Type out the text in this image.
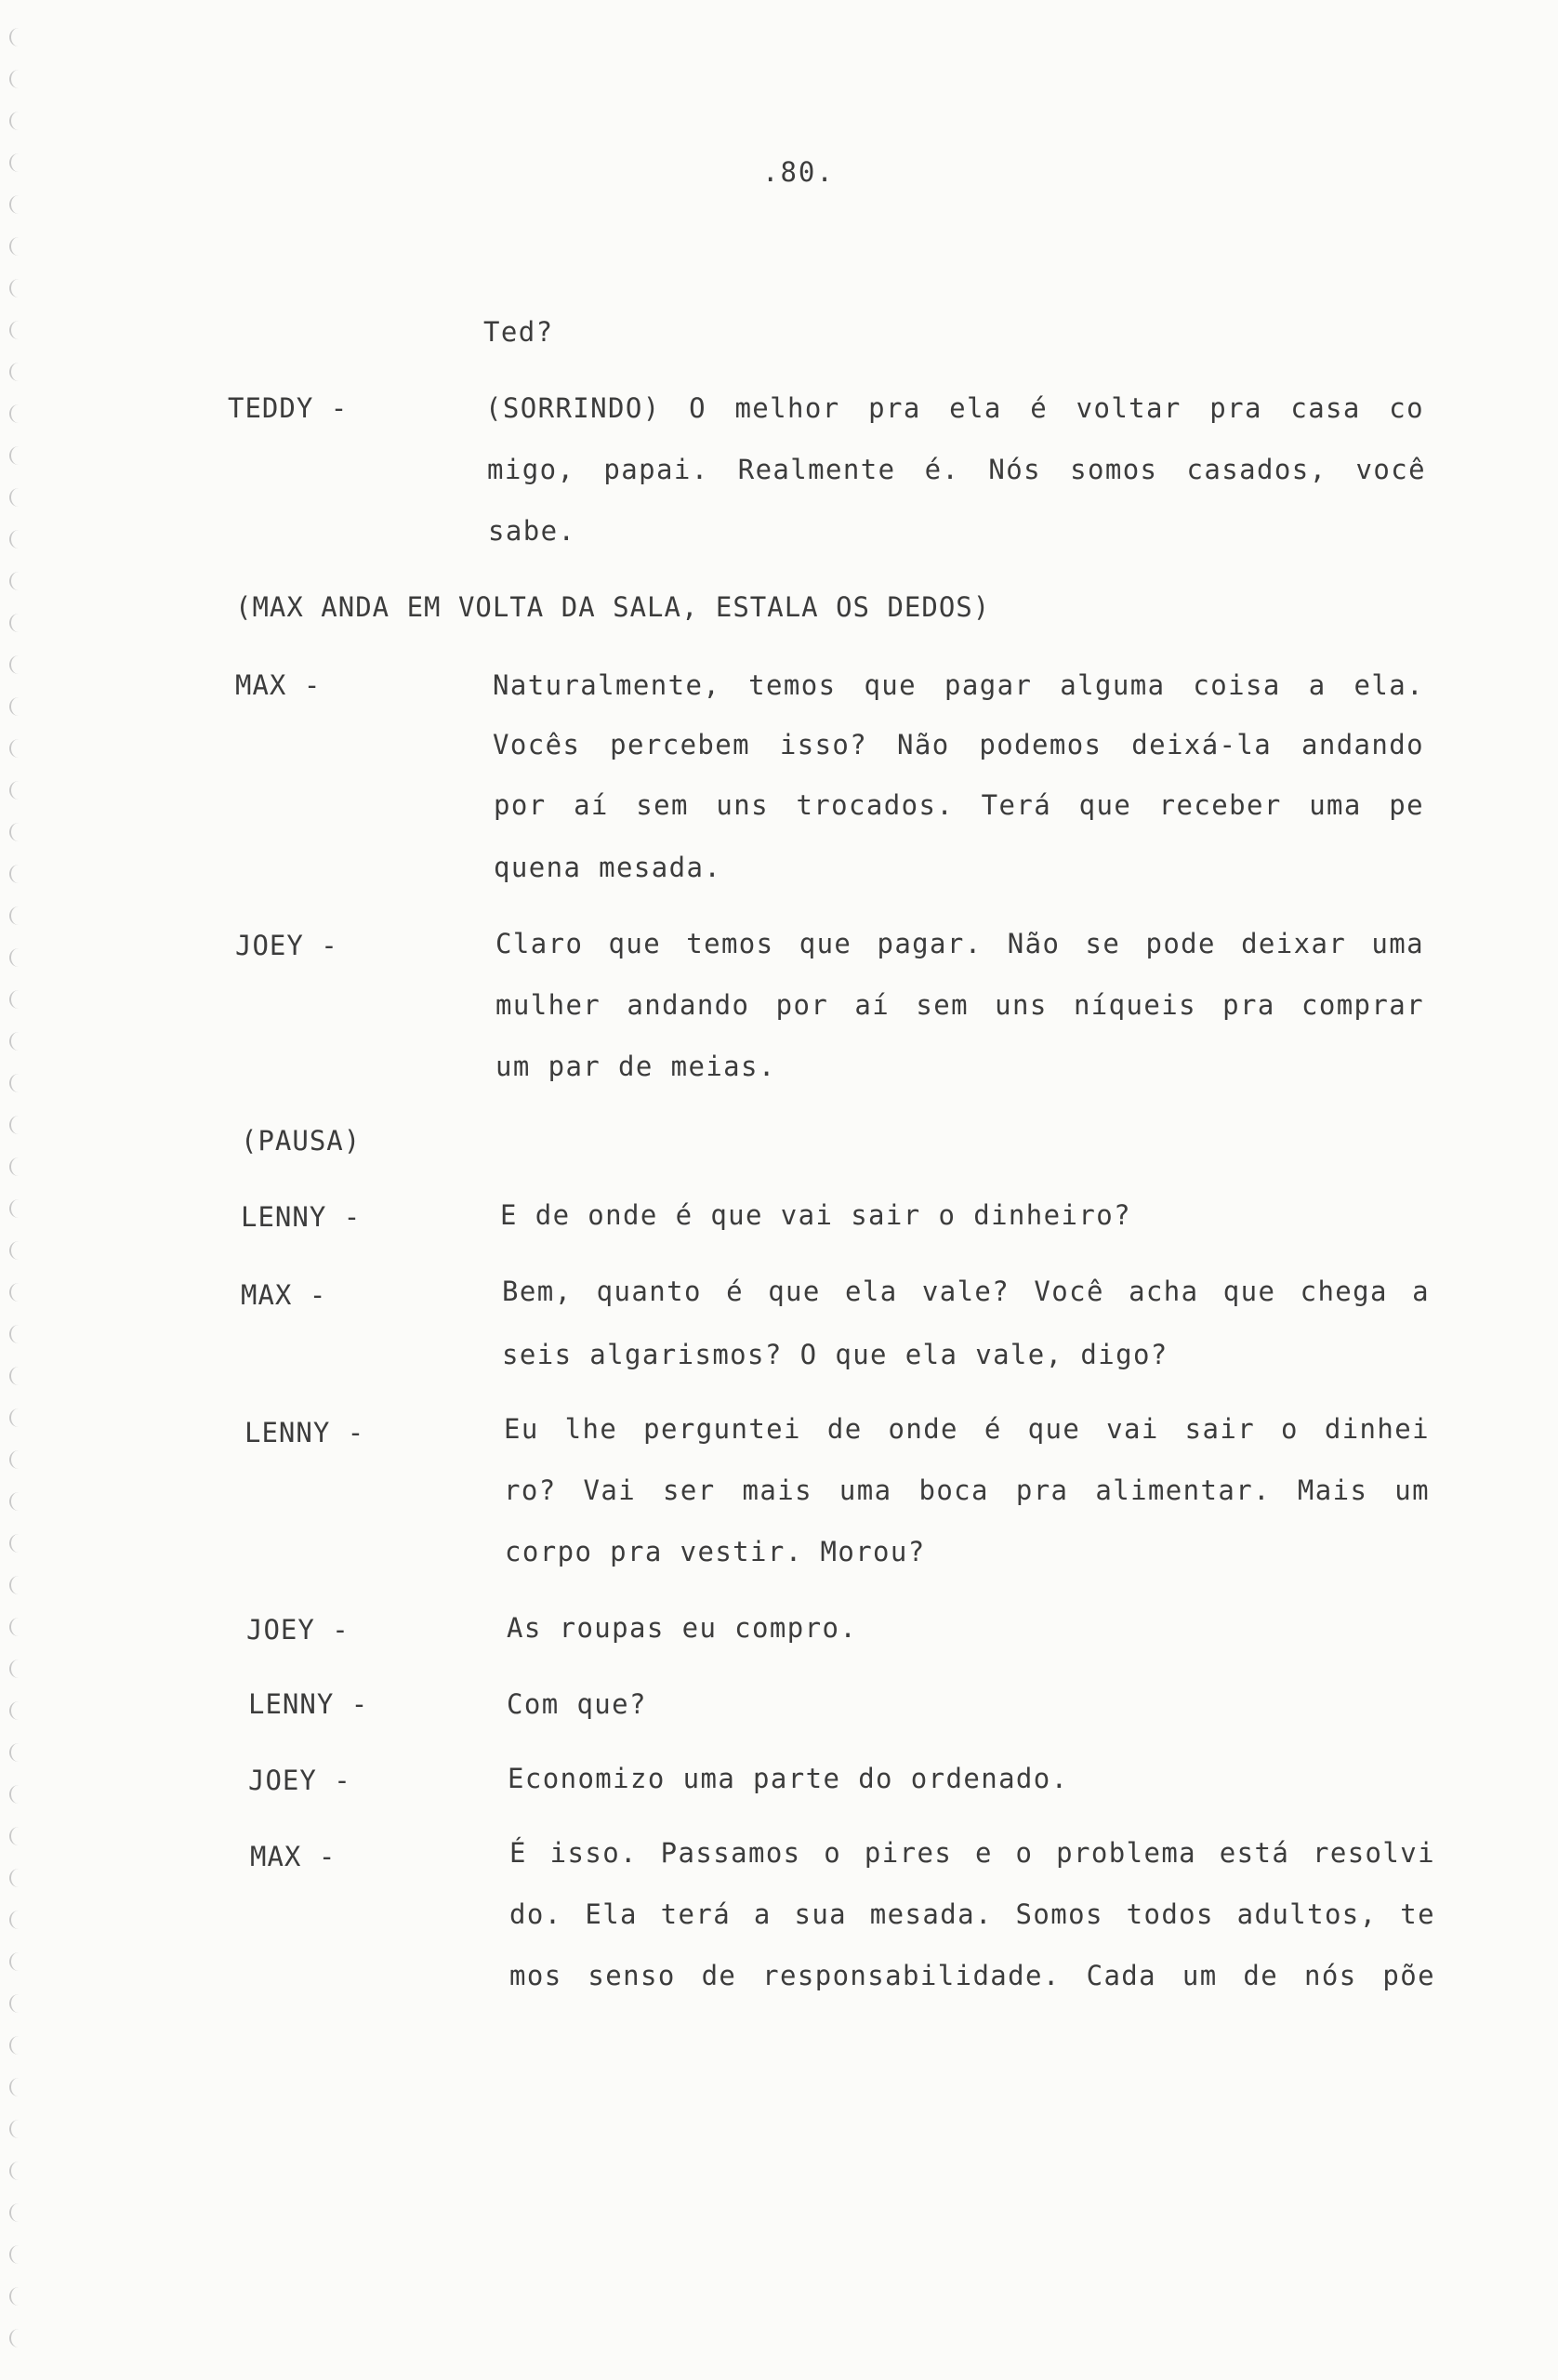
.80.
Ted?
TEDDY -	(SORRINDO) O melhor pra ela é voltar pra casa co
migo, papai. Realmente é. Nós somos casados, você
sabe.
(MAX ANDA EM VOLTA DA SALA, ESTALA OS DEDOS)
MAX -	Naturalmente, temos que pagar alguma coisa a ela.
Vocês percebem isso? Não podemos deixá-la andando
por aí sem uns trocados. Terá que receber uma pe
quena mesada.
JOEY -	Claro que temos que pagar. Não se pode deixar uma
mulher andando por aí sem uns níqueis pra comprar
um par de meias.
(PAUSA)
LENNY -	E de onde é que vai sair o dinheiro?
MAX -	Bem, quanto é que ela vale? Você acha que chega a
seis algarismos? O que ela vale, digo?
LENNY -	Eu lhe perguntei de onde é que vai sair o dinhei
ro? Vai ser mais uma boca pra alimentar. Mais um
corpo pra vestir. Morou?
JOEY -	As roupas eu compro.
LENNY -	Com que?
JOEY -	Economizo uma parte do ordenado.
MAX -	É isso. Passamos o pires e o problema está resolvi
do. Ela terá a sua mesada. Somos todos adultos, te
mos senso de responsabilidade. Cada um de nós põe
